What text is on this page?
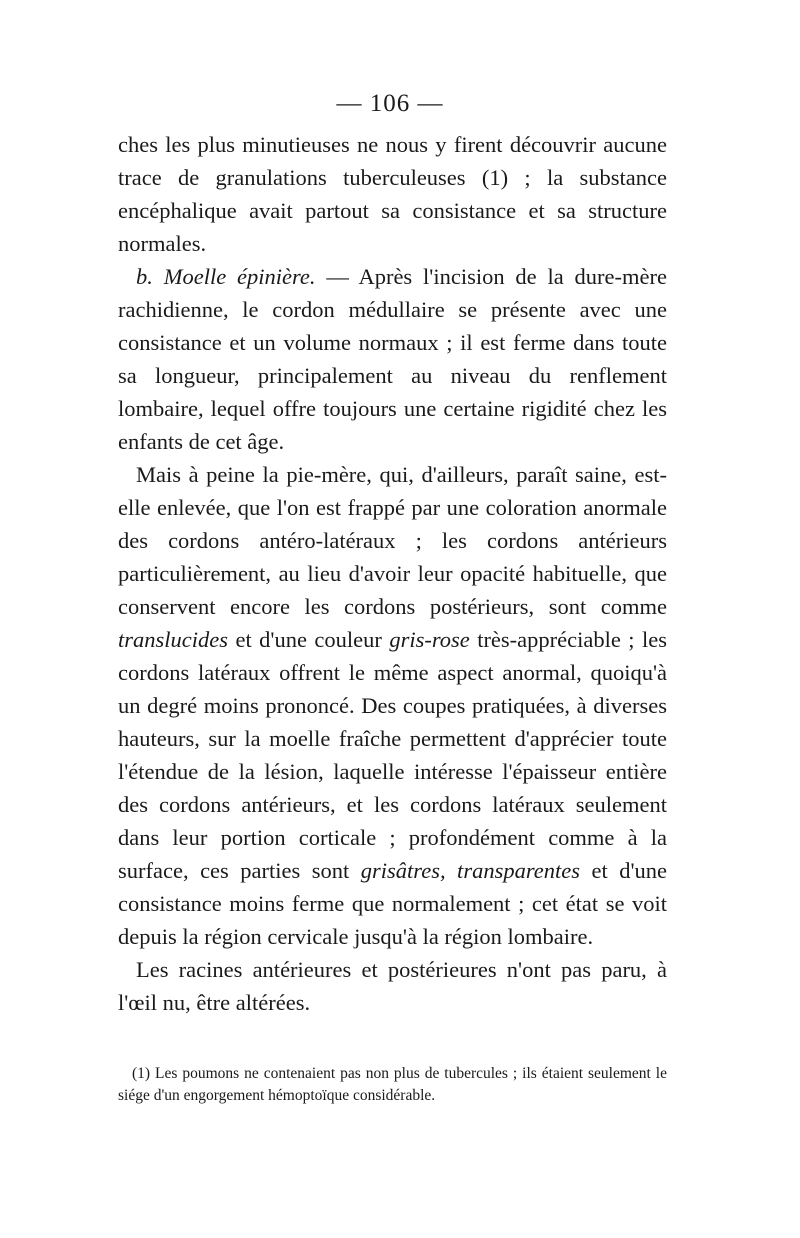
— 106 —

ches les plus minutieuses ne nous y firent découvrir aucune trace de granulations tuberculeuses (1) ; la substance encéphalique avait partout sa consistance et sa structure normales.

b. Moelle épinière. — Après l'incision de la dure-mère rachidienne, le cordon médullaire se présente avec une consistance et un volume normaux ; il est ferme dans toute sa longueur, principalement au niveau du renflement lombaire, lequel offre toujours une certaine rigidité chez les enfants de cet âge.

Mais à peine la pie-mère, qui, d'ailleurs, paraît saine, est-elle enlevée, que l'on est frappé par une coloration anormale des cordons antéro-latéraux ; les cordons antérieurs particulièrement, au lieu d'avoir leur opacité habituelle, que conservent encore les cordons postérieurs, sont comme translucides et d'une couleur gris-rose très-appréciable ; les cordons latéraux offrent le même aspect anormal, quoiqu'à un degré moins prononcé. Des coupes pratiquées, à diverses hauteurs, sur la moelle fraîche permettent d'apprécier toute l'étendue de la lésion, laquelle intéresse l'épaisseur entière des cordons antérieurs, et les cordons latéraux seulement dans leur portion corticale ; profondément comme à la surface, ces parties sont grisâtres, transparentes et d'une consistance moins ferme que normalement ; cet état se voit depuis la région cervicale jusqu'à la région lombaire.

Les racines antérieures et postérieures n'ont pas paru, à l'œil nu, être altérées.

(1) Les poumons ne contenaient pas non plus de tubercules ; ils étaient seulement le siége d'un engorgement hémoptoïque considérable.
